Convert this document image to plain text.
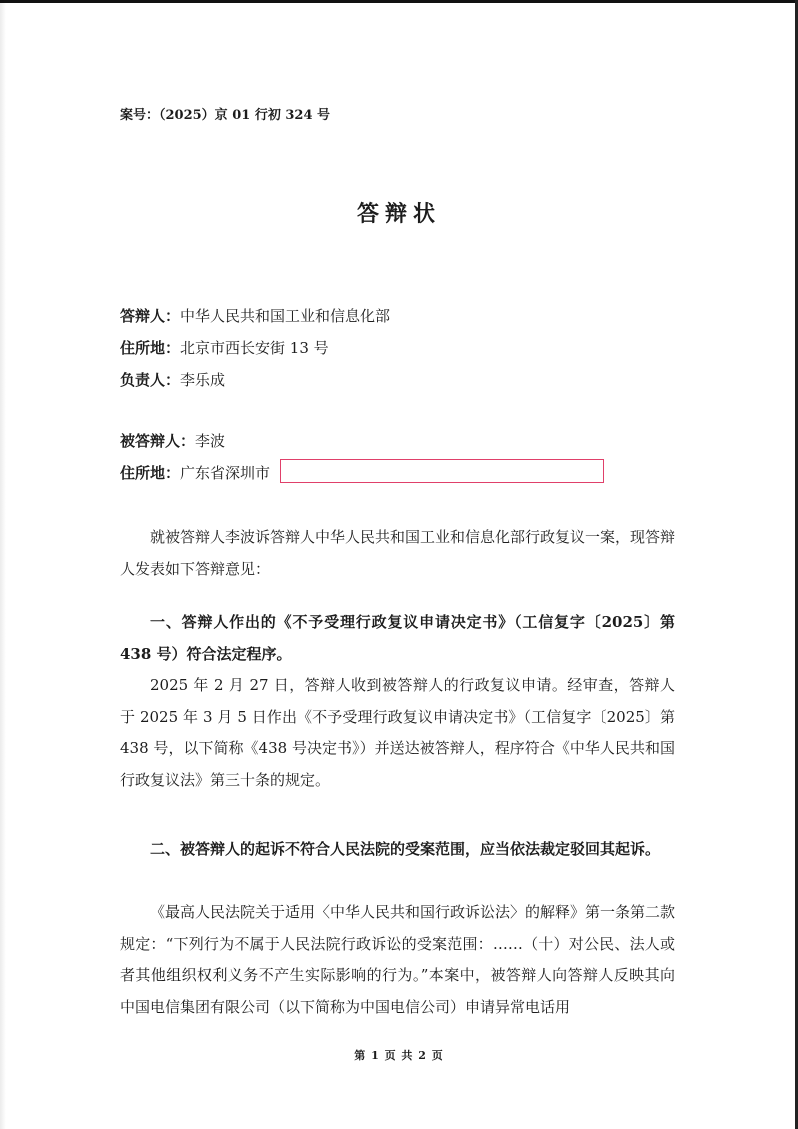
案号：（2025）京 01 行初 324 号
答辩状
答辩人：中华人民共和国工业和信息化部
住所地：北京市西长安街 13 号
负责人：李乐成
被答辩人：李波
住所地：广东省深圳市
就被答辩人李波诉答辩人中华人民共和国工业和信息化部行政复议一案，现答辩人发表如下答辩意见：
一、答辩人作出的《不予受理行政复议申请决定书》（工信复字〔2025〕第 438 号）符合法定程序。
2025 年 2 月 27 日，答辩人收到被答辩人的行政复议申请。经审查，答辩人于 2025 年 3 月 5 日作出《不予受理行政复议申请决定书》（工信复字〔2025〕第 438 号，以下简称《438 号决定书》）并送达被答辩人，程序符合《中华人民共和国行政复议法》第三十条的规定。
二、被答辩人的起诉不符合人民法院的受案范围，应当依法裁定驳回其起诉。
《最高人民法院关于适用〈中华人民共和国行政诉讼法〉的解释》第一条第二款规定：“下列行为不属于人民法院行政诉讼的受案范围：……（十）对公民、法人或者其他组织权利义务不产生实际影响的行为。”本案中，被答辩人向答辩人反映其向中国电信集团有限公司（以下简称为中国电信公司）申请异常电话用
第 1 页 共 2 页
